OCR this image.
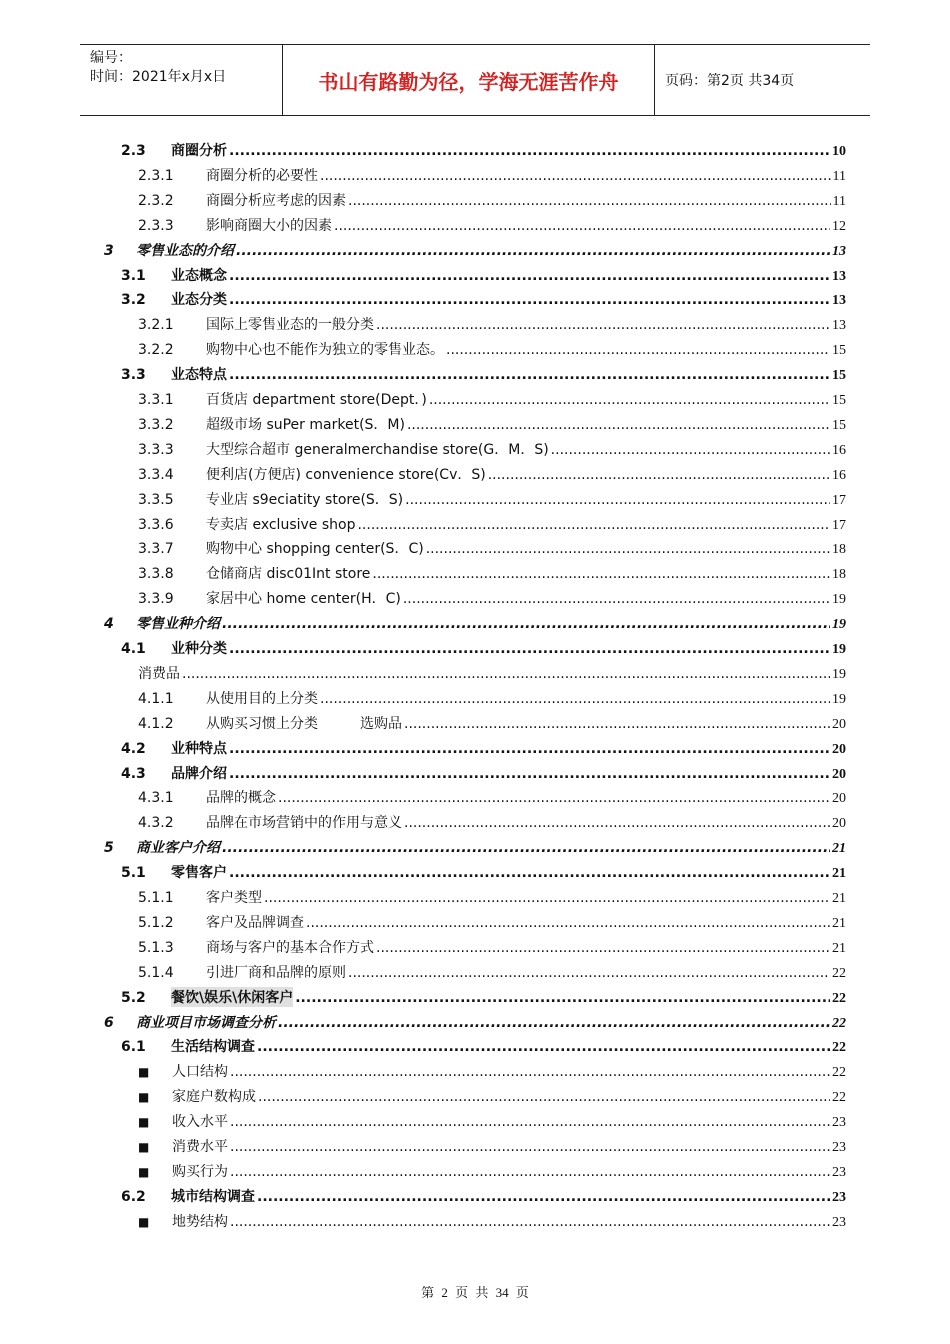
编号：
时间：2021年x月x日	书山有路勤为径，学海无涯苦作舟	页码：第2页 共34页
2.3	商圈分析 .....	10
2.3.1	商圈分析的必要性 .....	11
2.3.2	商圈分析应考虑的因素 .....	11
2.3.3	影响商圈大小的因素 .....	12
3	零售业态的介绍 .....	13
3.1	业态概念 .....	13
3.2	业态分类 .....	13
3.2.1	国际上零售业态的一般分类 .....	13
3.2.2	购物中心也不能作为独立的零售业态。 .....	15
3.3	业态特点 .....	15
3.3.1	百货店 department store(Dept．) .....	15
3.3.2	超级市场 suPer market(S．M) .....	15
3.3.3	大型综合超市 generalmerchandise store(G．M．S) .....	16
3.3.4	便利店(方便店) convenience store(Cv．S) .....	16
3.3.5	专业店 s9eciatity store(S．S) .....	17
3.3.6	专卖店 exclusive shop .....	17
3.3.7	购物中心 shopping center(S．C) .....	18
3.3.8	仓储商店 disc01Int store .....	18
3.3.9	家居中心 home center(H．C) .....	19
4	零售业种介绍 .....	19
4.1	业种分类 .....	19
消费品 .....	19
4.1.1	从使用目的上分类 .....	19
4.1.2	从购买习惯上分类　　　选购品 .....	20
4.2	业种特点 .....	20
4.3	品牌介绍 .....	20
4.3.1	品牌的概念 .....	20
4.3.2	品牌在市场营销中的作用与意义 .....	20
5	商业客户介绍 .....	21
5.1	零售客户 .....	21
5.1.1	客户类型 .....	21
5.1.2	客户及品牌调查 .....	21
5.1.3	商场与客户的基本合作方式 .....	21
5.1.4	引进厂商和品牌的原则 .....	22
5.2	餐饮\娱乐\休闲客户 .....	22
6	商业项目市场调查分析 .....	22
6.1	生活结构调查 .....	22
■	人口结构 .....	22
■	家庭户数构成 .....	22
■	收入水平 .....	23
■	消费水平 .....	23
■	购买行为 .....	23
6.2	城市结构调查 .....	23
■	地势结构 .....	23
第 2 页 共 34 页
